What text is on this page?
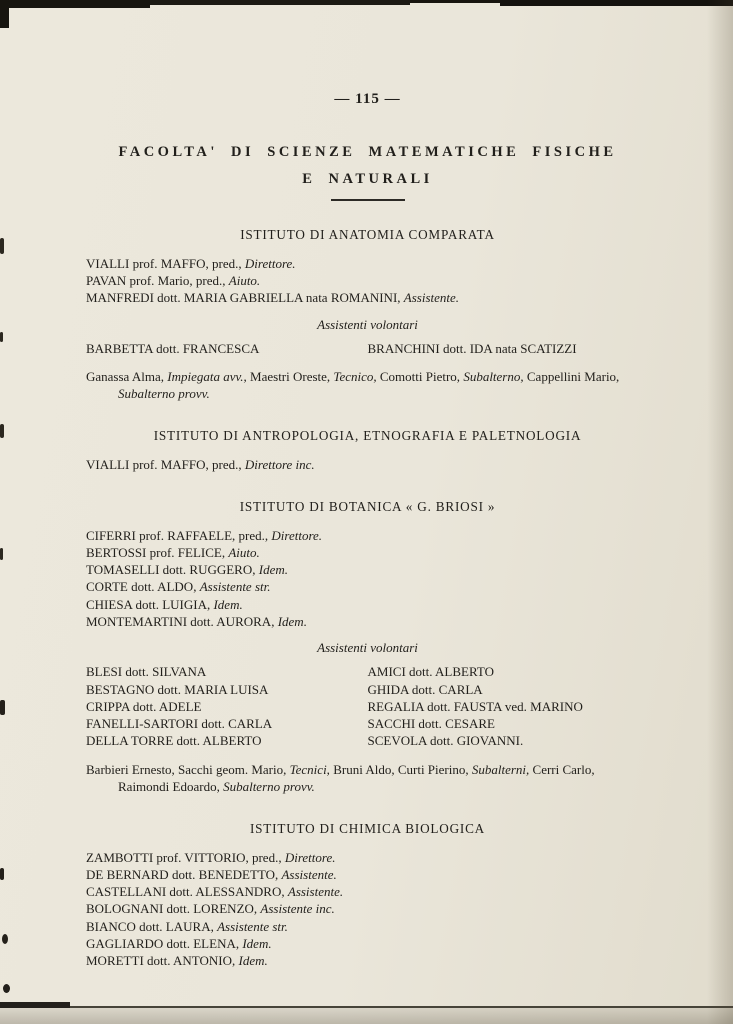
— 115 —
FACOLTA' DI SCIENZE MATEMATICHE FISICHE
E NATURALI
ISTITUTO DI ANATOMIA COMPARATA

VIALLI prof. MAFFO, pred., Direttore.

PAVAN prof. Mario, pred., Aiuto.

MANFREDI dott. MARIA GABRIELLA nata ROMANINI, Assistente.

Assistenti volontari

BARBETTA dott. FRANCESCA	BRANCHINI dott. IDA nata SCATIZZI

Ganassa Alma, Impiegata avv., Maestri Oreste, Tecnico, Comotti Pietro, Subalterno, Cappellini Mario, Subalterno provv.

ISTITUTO DI ANTROPOLOGIA, ETNOGRAFIA E PALETNOLOGIA

VIALLI prof. MAFFO, pred., Direttore inc.

ISTITUTO DI BOTANICA « G. BRIOSI »

CIFERRI prof. RAFFAELE, pred., Direttore.

BERTOSSI prof. FELICE, Aiuto.

TOMASELLI dott. RUGGERO, Idem.

CORTE dott. ALDO, Assistente str.

CHIESA dott. LUIGIA, Idem.

MONTEMARTINI dott. AURORA, Idem.

Assistenti volontari

BLESI dott. SILVANA

BESTAGNO dott. MARIA LUISA

CRIPPA dott. ADELE

FANELLI-SARTORI dott. CARLA

DELLA TORRE dott. ALBERTO

AMICI dott. ALBERTO

GHIDA dott. CARLA

REGALIA dott. FAUSTA ved. MARINO

SACCHI dott. CESARE

SCEVOLA dott. GIOVANNI.

Barbieri Ernesto, Sacchi geom. Mario, Tecnici, Bruni Aldo, Curti Pierino, Subalterni, Cerri Carlo, Raimondi Edoardo, Subalterno provv.

ISTITUTO DI CHIMICA BIOLOGICA

ZAMBOTTI prof. VITTORIO, pred., Direttore.

DE BERNARD dott. BENEDETTO, Assistente.

CASTELLANI dott. ALESSANDRO, Assistente.

BOLOGNANI dott. LORENZO, Assistente inc.

BIANCO dott. LAURA, Assistente str.

GAGLIARDO dott. ELENA, Idem.

MORETTI dott. ANTONIO, Idem.
